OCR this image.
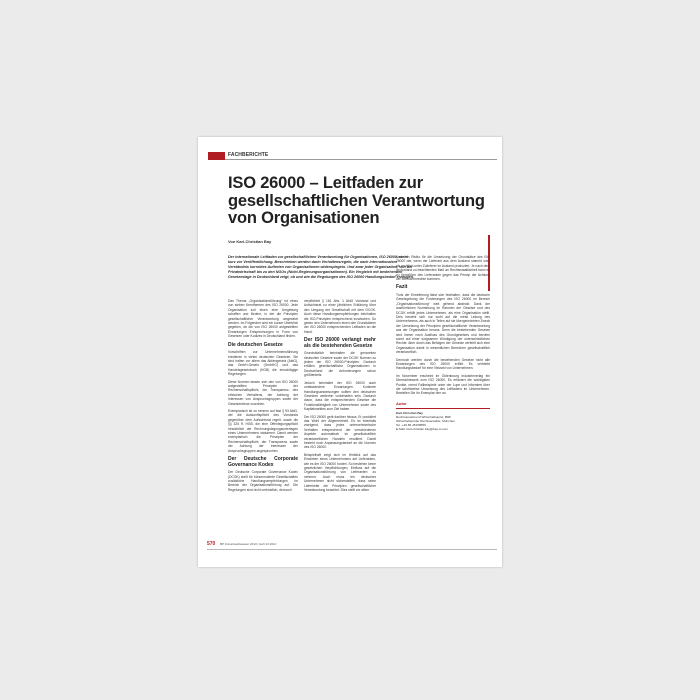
FACHBERICHTE
ISO 26000 – Leitfaden zur gesellschaftlichen Verantwortung von Organisationen
Von Karl-Christian Bay

Der internationale Leitfaden zur gesellschaftlichen Verantwortung für Organisationen, ISO 26000, steht kurz vor Veröffentlichung. Beschrieben werden darin Verhaltensregeln, die nach internationalem Verständnis korrektes Auftreten von Organisationen widerspiegeln. Und zwar jeder Organisation, von der Privatwirtschaft bis zu den NGOs (Nicht-Regierungsorganisationen). Ein Vergleich mit bestehenden Gesetzeslage in Deutschland zeigt, ob und wie die Regelungen des ISO 26000 Handlungsbedarf erzeugen.

Das Thema „Organisationsführung“ ist eines von sieben Kernthemen des ISO 26000. Jede Organisation soll einen eine Umgebung schaffen und fördern, in der die Prinzipien gesellschaftlicher Verantwortung umgesetzt werden. Im Folgenden wird ein kurzer Überblick gegeben, ob die von ISO 26000 aufgestellten Erwartungen Entsprechungen in Form von Gesetzen oder Kodizes in Deutschland finden.

Die deutschen Gesetze

Vorschriften zur Unternehmensführung existieren in vielen deutschen Gesetzen. Sie sind halten vor allem das Aktiengesetz (AktG), das GmbH-Gesetz (GmbHG) und das Handelsgesetzbuch (HGB) die einschlägige Regelungen.

Diese Normen lassen sich den von ISO 26000 aufgestellten Prinzipien der Rechenschaftspflicht, der Transparenz, des ethischen Verhaltens, der Achtung der Interessen von Anspruchsgruppen sowie der Gesetzestreue zuordnen.

Exemplarisch ist zu nennen auf fast § 93 AktG, der die Auskunftspflicht des Vorstands gegenüber dem Aufsichtsrat regelt, sowie die §§ 325 ff. HGB, die eine Offenlegungspflicht hinsichtlich der Rechnungslegungsunterlagen eines Unternehmens statuieren. Damit werden exemplarisch die Prinzipien der Rechenschaftspflicht, der Transparenz sowie der Achtung der Interessen der Anspruchsgruppen angesprochen.

Der Deutsche Corporate Governance Kodex

Der Deutsche Corporate Governance Kodex (DCGK) stellt für börsennotierte Gesellschaften zusätzliche Handlungsempfehlungen im Bereich der Organisationsführung auf. Die Regelungen sind nicht verbindlich, dennoch

verpflichtet § 161 Abs. 1 AktG Vorstand und Aufsichtsrat zu einer jährlichen Erklärung über den Umgang der Gesellschaft mit dem DCGK. Auch diese Handlungsempfehlungen beinhalten die ISO-Prinzipien entsprechend inzwischen. So geben den Unternehmen einen den Grundsätzen der ISO 26000 entsprechenden Leitfaden an die Hand.

Der ISO 26000 verlangt mehr als die bestehenden Gesetze

Grundsätzlich beinhalten die genannten deutschen Gesetze sowie der DCGK Normen zu jedem der ISO 26000-Prinzipien. Dadurch erfüllen gesellschaftliche Organisationen in Deutschland die Anforderungen schon größtenteils.

Jedoch beinhaltet der ISO 26000 auch umfassendere Erwartungen. Konkrete Handlungsanweisungen sollten den deutschen Gesetzen weiterhin vorbehalten sein. Dadurch davor, dass die entsprechenden Gesetze die Funktionsfähigkeit von Unternehmen sowie des Kapitalmarktes zum Ziel haben.

Der ISO 26000 geht darüber hinaus. Er postuliert das Wohl der Allgemeinheit. Es ist ebenfalls zweigend, dass jedes unternehmerische Verhalten entsprechend der verschiedenen Aspekte automatisch im gesellschaftlich verantwortlichen Handeln resultiert. Damit besteht noch Anpassungsbedarf an die Normen des ISO 26000.

Beispielhaft zeigt sich im Hinblick auf das Einwirken eines Unternehmens auf Lieferanten, wie es der ISO 26000 fordert. So bestehen keine gesetzlichen Verpflichtungen, Einfluss auf die Organisationsführung von Lieferanten zu nehmen. Auch muss ein deutsches Unternehmen nicht sicherstellen, dass seine Lieferkette die Prinzipien gesellschaftlicher Verantwortung beachtet. Dies stellt vor allem

dann ein Risiko für die Umsetzung der Grundsätze des ISO 26000 dar, wenn der Lieferant aus dem Ausland stammt oder als rechtlich unter Zulieferer im Ausland produziert. Je nach dem im Ausland zu beachtenden Maß an Rechtsstaatlichkeit kann es zu Verstößen des Lieferanten gegen das Prinzip der Achtung der Menschenrechte kommen.

Fazit

Trotz der Erweiterung lässt sich festhalten, dass die deutsche Gesetzgebung die Forderungen des ISO 26000 im Bereich „Organisationsführung“ weit gehend abdeckt. Dank der ausführlichen Normierung im Rahmen der Gesetze und des DCGK erfüllt jedes Unternehmen, als eine Organisation stellt. Dies besteht sich nur wohl auf die meist Leitung des Unternehmens, als auch in Teilen auf sie übergeordneten Zweck der Umsetzung der Prinzipien gesellschaftlicher Verantwortung aus der Organisation heraus. Denn die bestehenden Gesetze sind immer noch Ausfluss des Grundgesetzes und berufen somit auf einer sorgsamen Würdigung der unterschiedlichen Rechte. Aber durch das Befolgen der Gesetze verfehlt sich eine Organisation damit in wesentlichen Bereichen gesellschaftlich verantwortlich.

Dennoch werden durch die bestehenden Gesetze nicht alle Erwartungen des ISO 26000 erfüllt. Es verbleibt Handlungsbedarf für eine Vielzahl von Unternehmen.

Im November erscheint im Oldenbourg Industrieverlag ein Übersichtswerk zum ISO 26000. Es erläutert die wichtigsten Punkte, nennt Fallbeispiele unter der Lupe und informiert über die schrittweise Umsetzung des Leitfadens im Unternehmen. Bestellen Sie ihr Exemplar hier an.

Autor

Karl-Christian Bay

Rechtsanwalt und Wirtschaftsjurist, BRF

Wirtschaftsprüfer Rechtsanwälte, München

Tel. +49 89 45158556

E-Mail: karl-christian.bay@bay-si.com

570 BP Industrieabwasser 2010 | Heft 10 2010
